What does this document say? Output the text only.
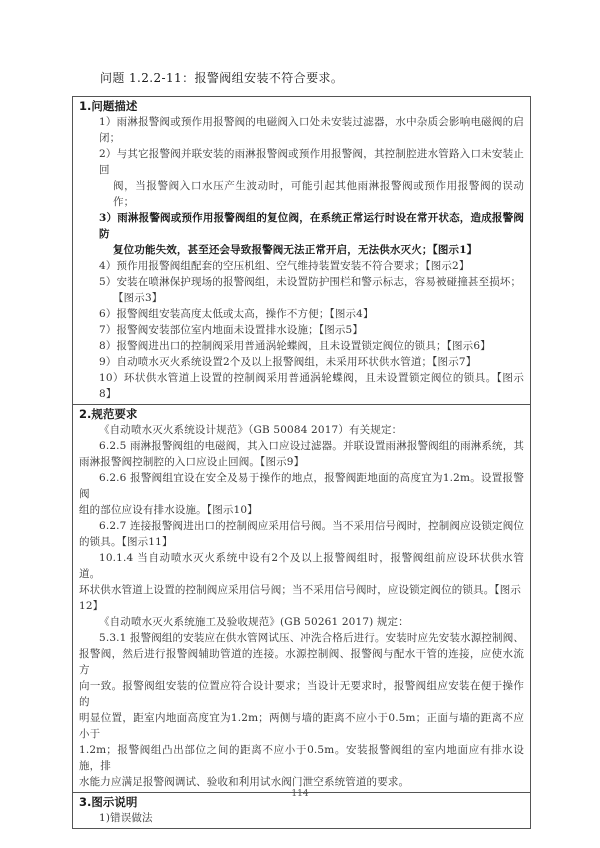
问题 1.2.2-11：报警阀组安装不符合要求。
1.问题描述
1）雨淋报警阀或预作用报警阀的电磁阀入口处未安装过滤器，水中杂质会影响电磁阀的启闭；
2）与其它报警阀并联安装的雨淋报警阀或预作用报警阀，其控制腔进水管路入口未安装止回
阀，当报警阀入口水压产生波动时，可能引起其他雨淋报警阀或预作用报警阀的误动作；
3）雨淋报警阀或预作用报警阀组的复位阀，在系统正常运行时设在常开状态，造成报警阀防
复位功能失效，甚至还会导致报警阀无法正常开启，无法供水灭火；【图示1】
4）预作用报警阀组配套的空压机组、空气维持装置安装不符合要求；【图示2】
5）安装在喷淋保护现场的报警阀组，未设置防护围栏和警示标志，容易被碰撞甚至损坏；
【图示3】
6）报警阀组安装高度太低或太高，操作不方便；【图示4】
7）报警阀安装部位室内地面未设置排水设施；【图示5】
8）报警阀进出口的控制阀采用普通涡轮蝶阀，且未设置锁定阀位的锁具；【图示6】
9）自动喷水灭火系统设置2个及以上报警阀组，未采用环状供水管道；【图示7】
10）环状供水管道上设置的控制阀采用普通涡轮蝶阀，且未设置锁定阀位的锁具。【图示8】
2.规范要求
《自动喷水灭火系统设计规范》（GB 50084 2017）有关规定：
6.2.5 雨淋报警阀组的电磁阀，其入口应设过滤器。并联设置雨淋报警阀组的雨淋系统，其
雨淋报警阀控制腔的入口应设止回阀。【图示9】
6.2.6 报警阀组宜设在安全及易于操作的地点，报警阀距地面的高度宜为1.2m。设置报警阀
组的部位应设有排水设施。【图示10】
6.2.7 连接报警阀进出口的控制阀应采用信号阀。当不采用信号阀时，控制阀应设锁定阀位
的锁具。【图示11】
10.1.4 当自动喷水灭火系统中设有2个及以上报警阀组时，报警阀组前应设环状供水管道。
环状供水管道上设置的控制阀应采用信号阀；当不采用信号阀时，应设锁定阀位的锁具。【图示
12】
《自动喷水灭火系统施工及验收规范》(GB 50261 2017) 规定：
5.3.1 报警阀组的安装应在供水管网试压、冲洗合格后进行。安装时应先安装水源控制阀、
报警阀，然后进行报警阀辅助管道的连接。水源控制阀、报警阀与配水干管的连接，应使水流方
向一致。报警阀组安装的位置应符合设计要求；当设计无要求时，报警阀组应安装在便于操作的
明显位置，距室内地面高度宜为1.2m；两侧与墙的距离不应小于0.5m；正面与墙的距离不应小于
1.2m；报警阀组凸出部位之间的距离不应小于0.5m。安装报警阀组的室内地面应有排水设施，排
水能力应满足报警阀调试、验收和利用试水阀门泄空系统管道的要求。
3.图示说明
1)错误做法
114
